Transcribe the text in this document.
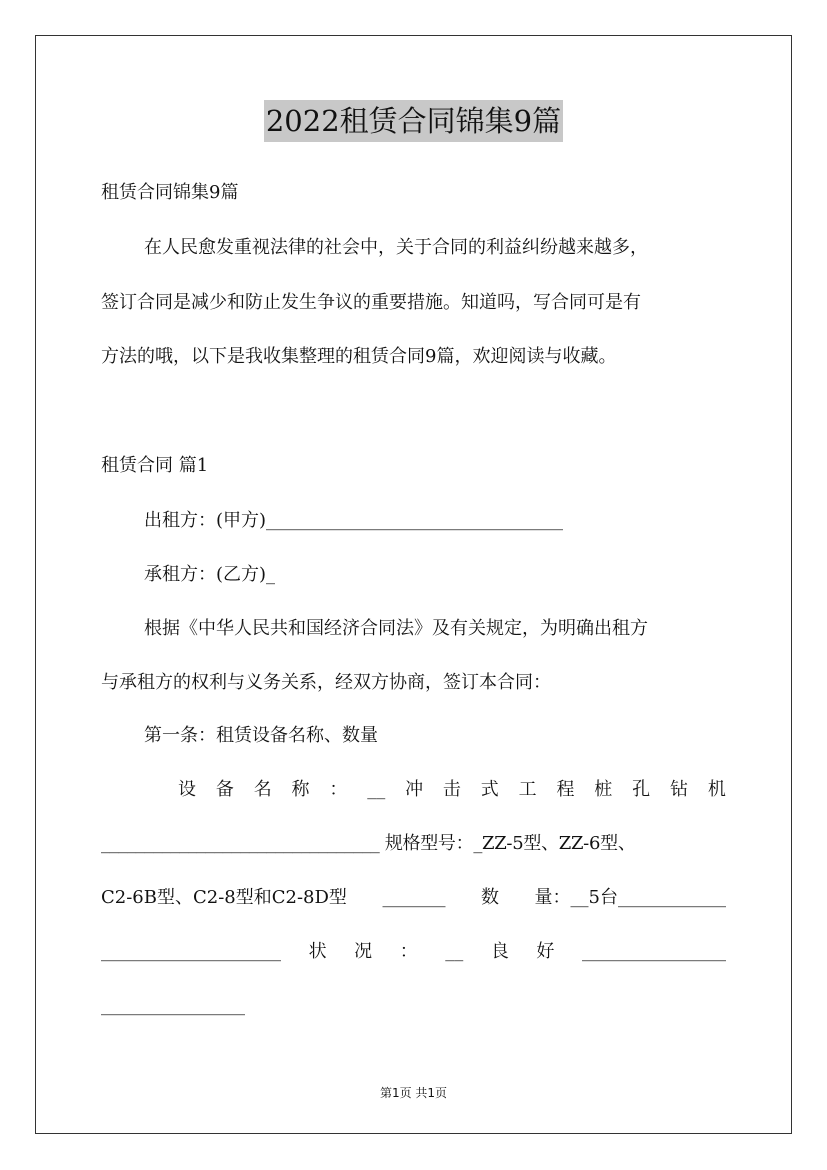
2022租赁合同锦集9篇
租赁合同锦集9篇
在人民愈发重视法律的社会中，关于合同的利益纠纷越来越多，
签订合同是减少和防止发生争议的重要措施。知道吗，写合同可是有
方法的哦，以下是我收集整理的租赁合同9篇，欢迎阅读与收藏。
租赁合同 篇1
出租方：(甲方)_________________________________
承租方：(乙方)_
根据《中华人民共和国经济合同法》及有关规定，为明确出租方
与承租方的权利与义务关系，经双方协商，签订本合同：
第一条：租赁设备名称、数量
设 备 名 称 ： __ 冲 击 式 工 程 桩 孔 钻 机
________________________________ 规格型号：_ZZ-5型、ZZ-6型、
C2-6B型、C2-8型和C2-8D型 _______ 数 量：__5台____________
____________________ 状 况 ： __ 良 好 ________________
________________
第1页 共1页
